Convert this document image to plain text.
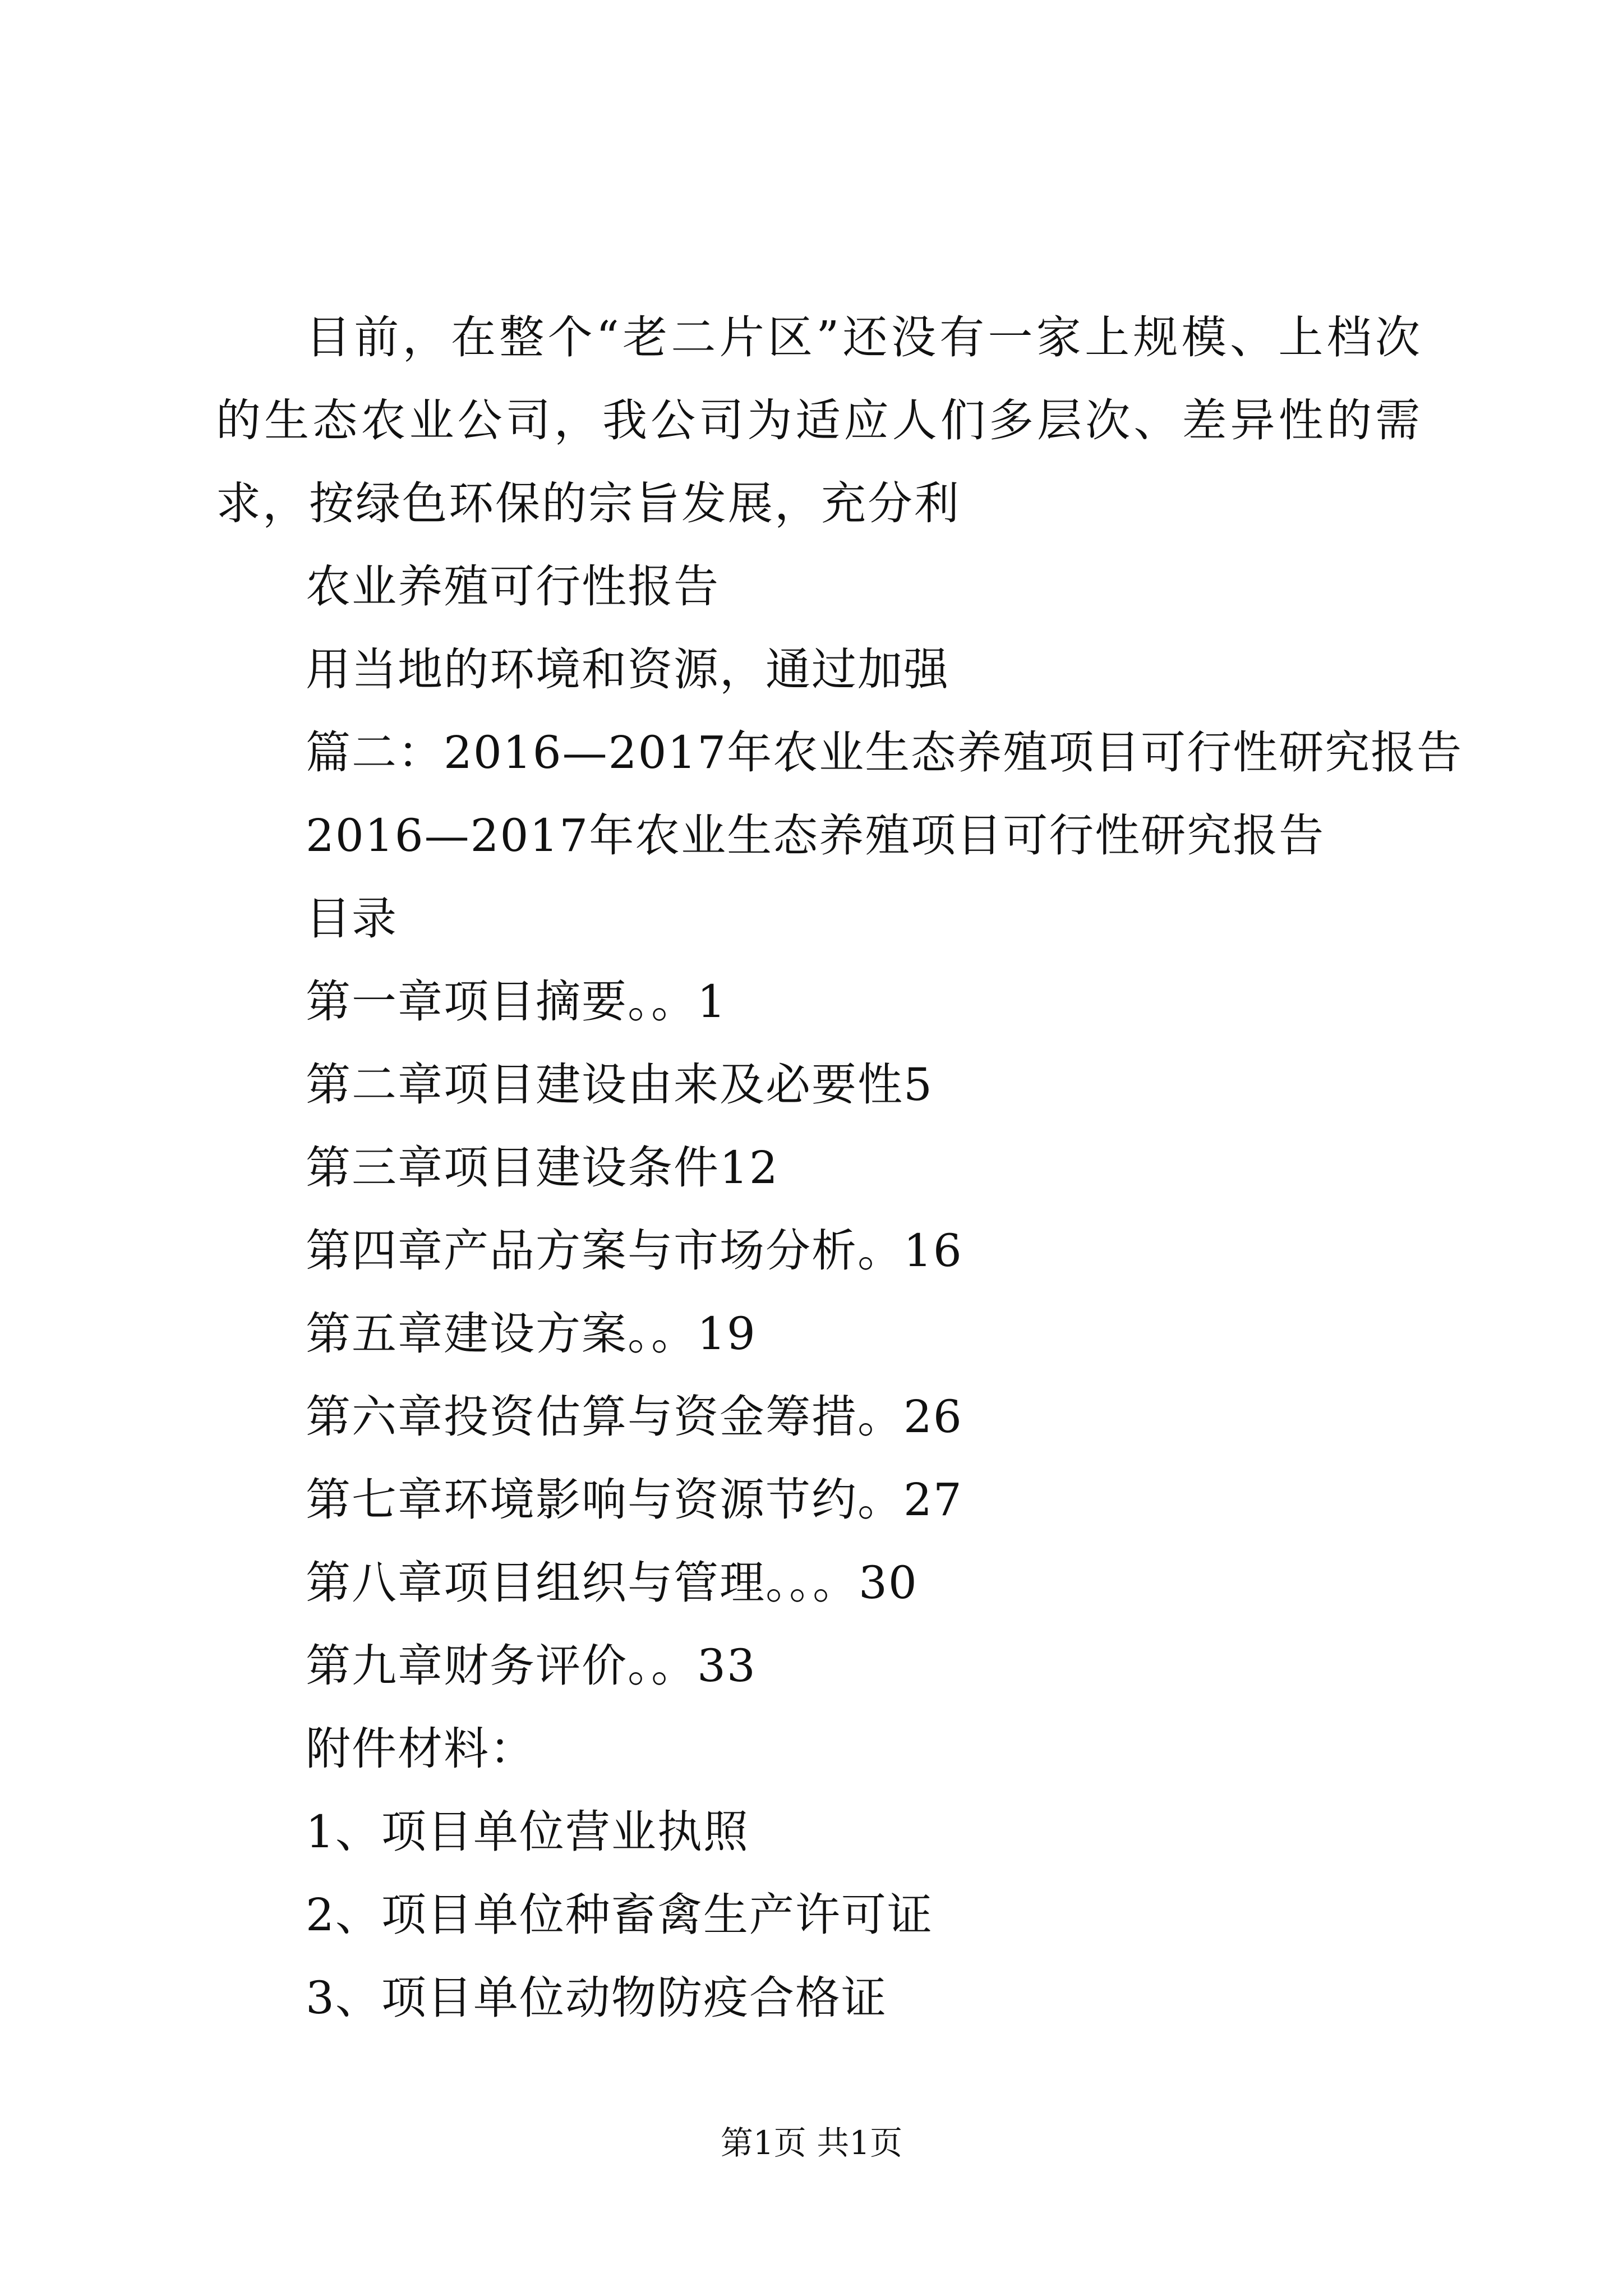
目前，在整个“老二片区”还没有一家上规模、上档次的生态农业公司，我公司为适应人们多层次、差异性的需求，按绿色环保的宗旨发展，充分利

农业养殖可行性报告

用当地的环境和资源，通过加强

篇二：2016—2017年农业生态养殖项目可行性研究报告

2016—2017年农业生态养殖项目可行性研究报告

目录

第一章项目摘要。。1

第二章项目建设由来及必要性5

第三章项目建设条件12

第四章产品方案与市场分析。16

第五章建设方案。。19

第六章投资估算与资金筹措。26

第七章环境影响与资源节约。27

第八章项目组织与管理。。。30

第九章财务评价。。33

附件材料：

1、项目单位营业执照

2、项目单位种畜禽生产许可证

3、项目单位动物防疫合格证

第1页 共1页
